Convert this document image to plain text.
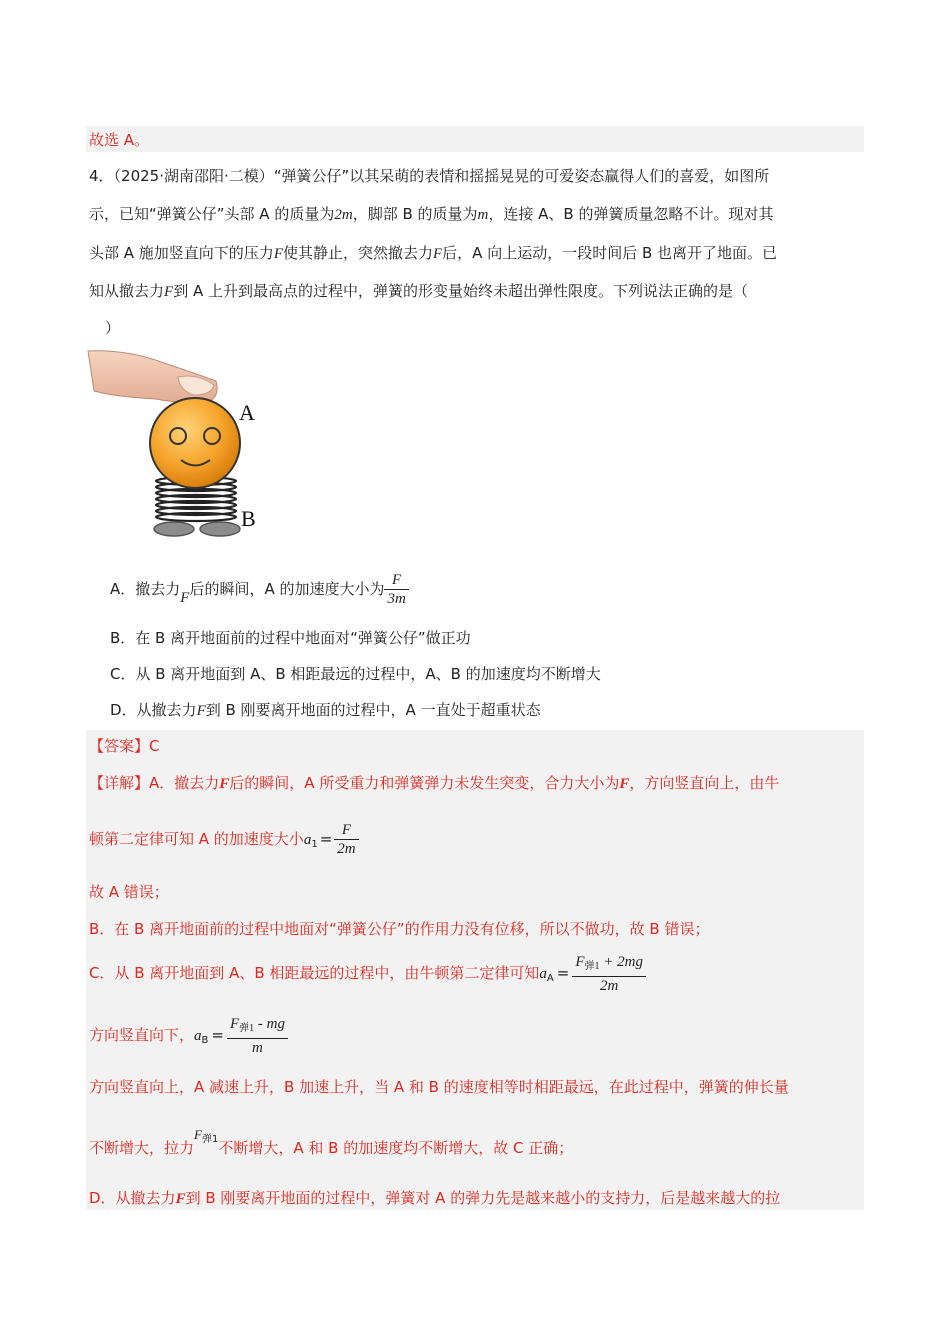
故选 A。
4．（2025·湖南邵阳·二模）“弹簧公仔”以其呆萌的表情和摇摇晃晃的可爱姿态赢得人们的喜爱，如图所
示，已知“弹簧公仔”头部 A 的质量为2m，脚部 B 的质量为m，连接 A、B 的弹簧质量忽略不计。现对其
头部 A 施加竖直向下的压力F使其静止，突然撤去力F后，A 向上运动，一段时间后 B 也离开了地面。已
知从撤去力F到 A 上升到最高点的过程中，弹簧的形变量始终未超出弹性限度。下列说法正确的是（
）
A
B
A．撤去力F后的瞬间，A 的加速度大小为 $\frac{F}{3m}$
B．在 B 离开地面前的过程中地面对“弹簧公仔”做正功
C．从 B 离开地面到 A、B 相距最远的过程中，A、B 的加速度均不断增大
D．从撤去力F到 B 刚要离开地面的过程中，A 一直处于超重状态
【答案】C
【详解】A．撤去力F后的瞬间，A 所受重力和弹簧弹力未发生突变，合力大小为F，方向竖直向上，由牛
顿第二定律可知 A 的加速度大小$a_1 = \frac{F}{2m}$
故 A 错误；
B．在 B 离开地面前的过程中地面对“弹簧公仔”的作用力没有位移，所以不做功，故 B 错误；
C．从 B 离开地面到 A、B 相距最远的过程中，由牛顿第二定律可知$a_A = \frac{F_{弹1} + 2mg}{2m}$
方向竖直向下，$a_B = \frac{F_{弹1} - mg}{m}$
方向竖直向上，A 减速上升，B 加速上升，当 A 和 B 的速度相等时相距最远，在此过程中，弹簧的伸长量
不断增大，拉力$F^{弹1}$不断增大，A 和 B 的加速度均不断增大，故 C 正确；
D．从撤去力F到 B 刚要离开地面的过程中，弹簧对 A 的弹力先是越来越小的支持力，后是越来越大的拉
